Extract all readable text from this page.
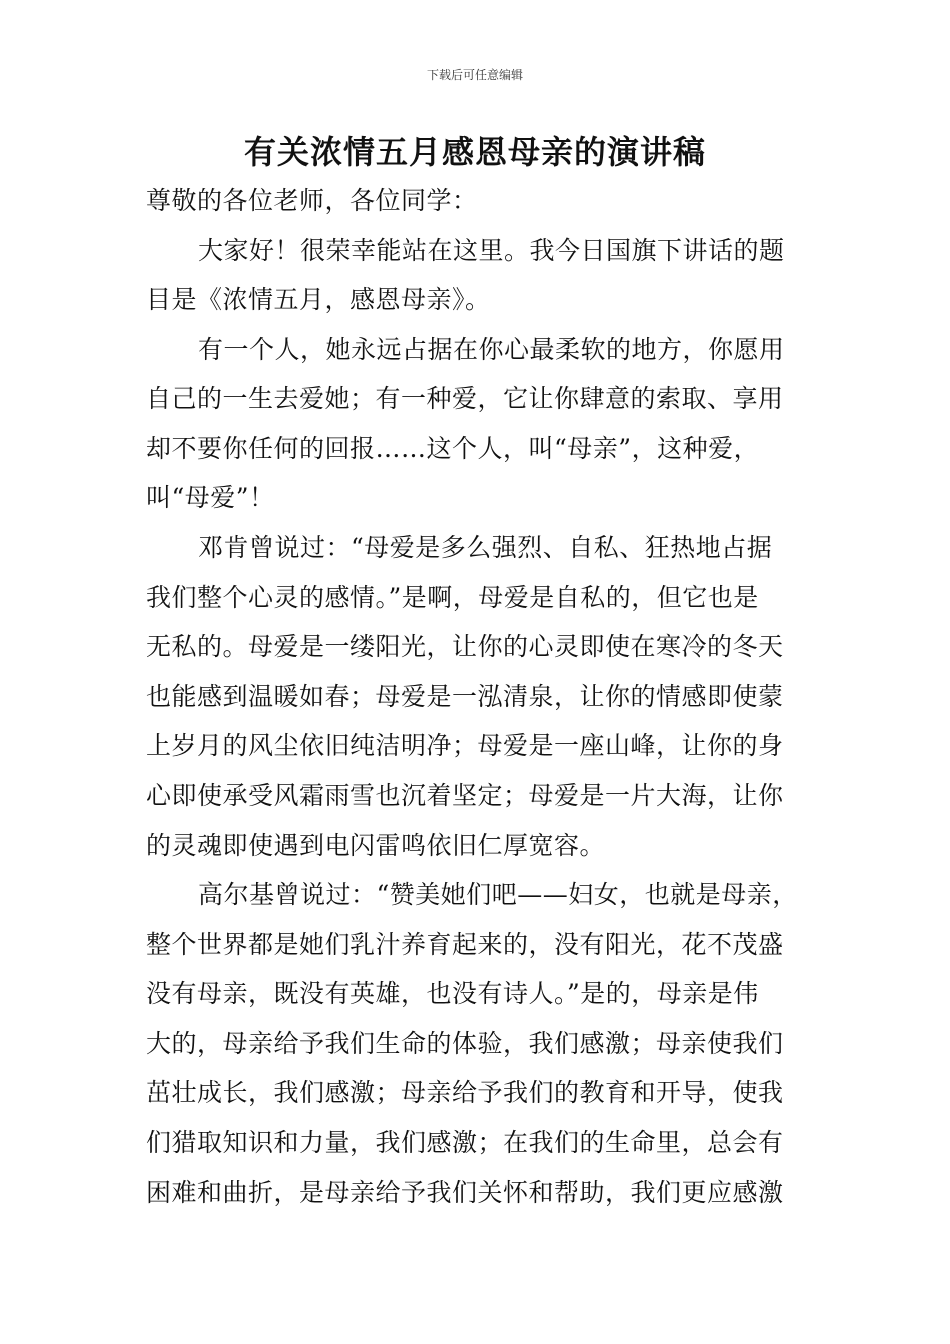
下载后可任意编辑
有关浓情五月感恩母亲的演讲稿
尊敬的各位老师，各位同学：
大家好！很荣幸能站在这里。我今日国旗下讲话的题
目是《浓情五月，感恩母亲》。
有一个人，她永远占据在你心最柔软的地方，你愿用
自己的一生去爱她；有一种爱，它让你肆意的索取、享用
却不要你任何的回报……这个人，叫“母亲”，这种爱，
叫“母爱”！
邓肯曾说过：“母爱是多么强烈、自私、狂热地占据
我们整个心灵的感情。”是啊，母爱是自私的，但它也是
无私的。母爱是一缕阳光，让你的心灵即使在寒冷的冬天
也能感到温暖如春；母爱是一泓清泉，让你的情感即使蒙
上岁月的风尘依旧纯洁明净；母爱是一座山峰，让你的身
心即使承受风霜雨雪也沉着坚定；母爱是一片大海，让你
的灵魂即使遇到电闪雷鸣依旧仁厚宽容。
高尔基曾说过：“赞美她们吧——妇女，也就是母亲，
整个世界都是她们乳汁养育起来的，没有阳光，花不茂盛
没有母亲，既没有英雄，也没有诗人。”是的，母亲是伟
大的，母亲给予我们生命的体验，我们感激；母亲使我们
茁壮成长，我们感激；母亲给予我们的教育和开导，使我
们猎取知识和力量，我们感激；在我们的生命里，总会有
困难和曲折，是母亲给予我们关怀和帮助，我们更应感激
